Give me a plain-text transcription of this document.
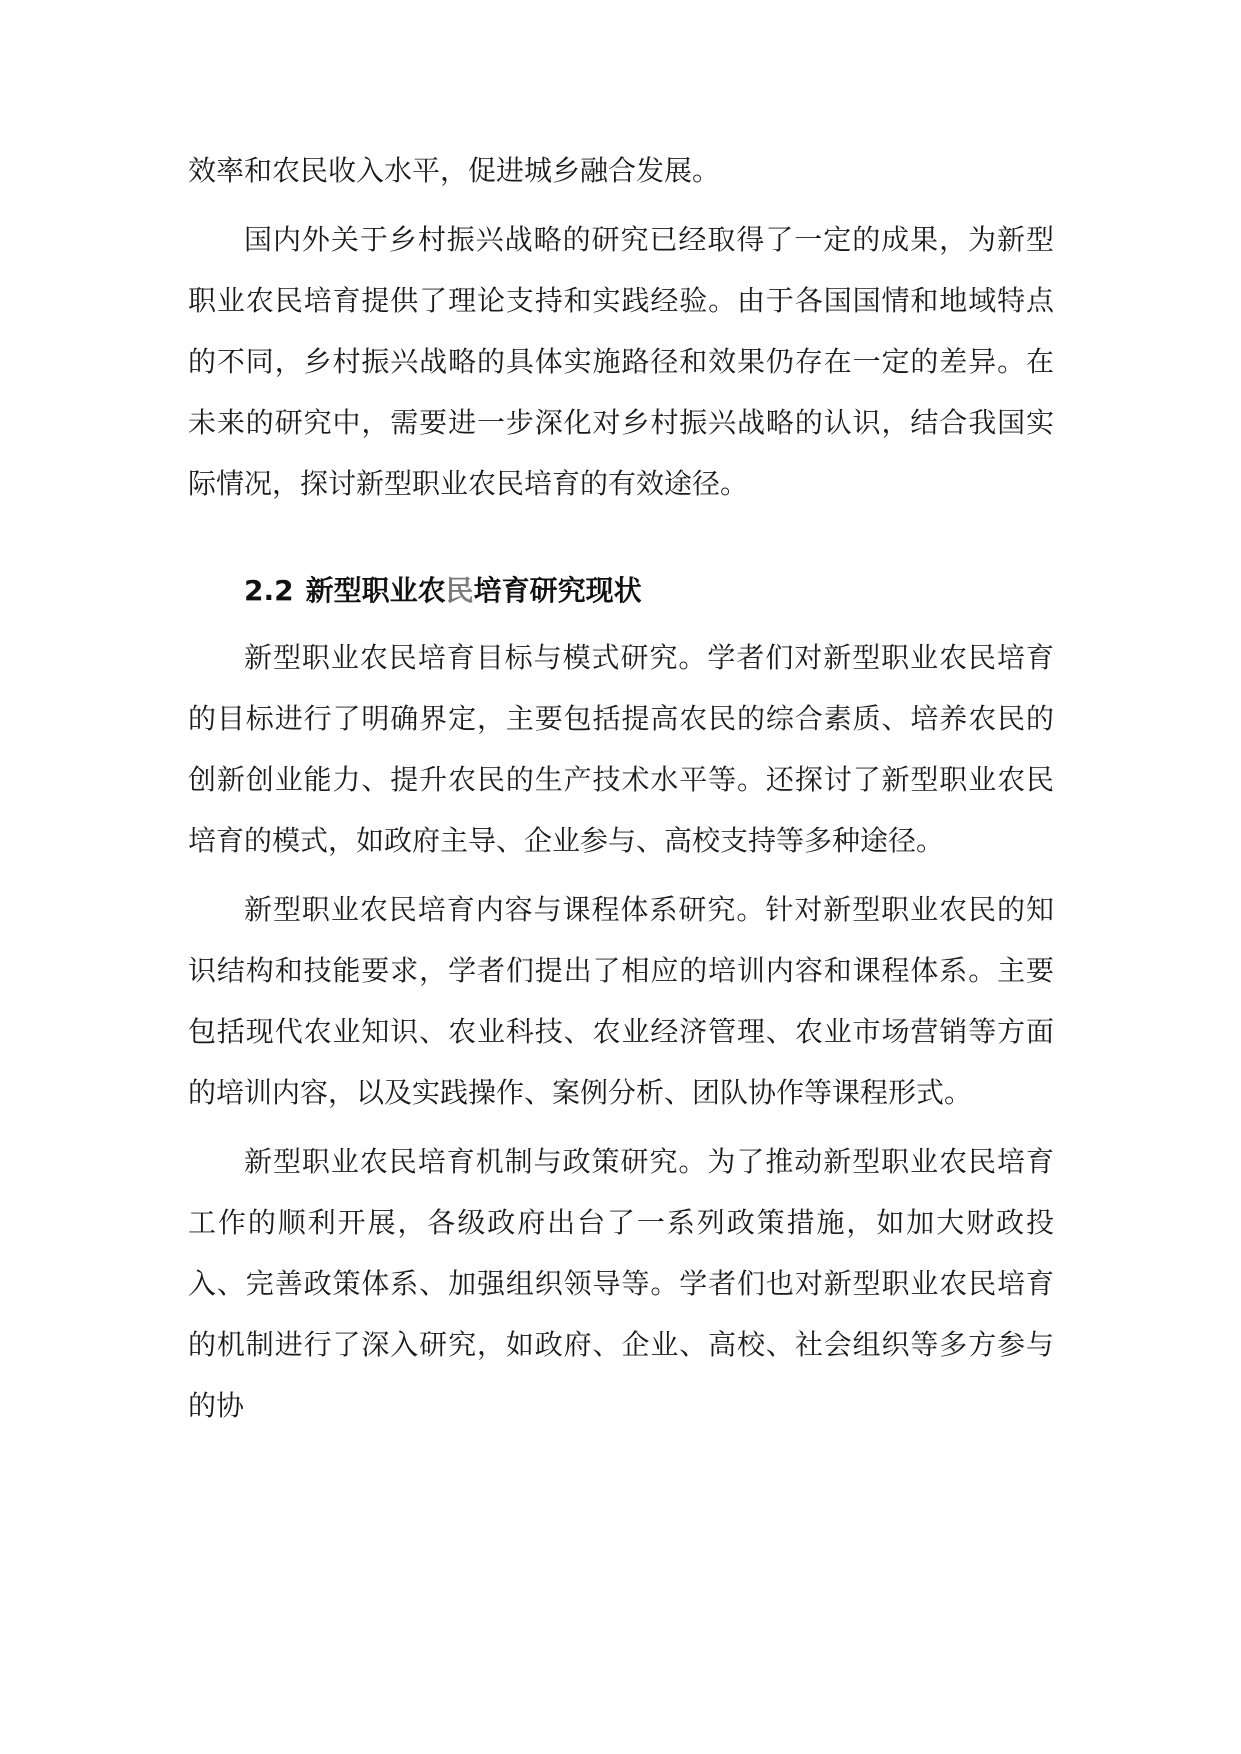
效率和农民收入水平，促进城乡融合发展。

国内外关于乡村振兴战略的研究已经取得了一定的成果，为新型职业农民培育提供了理论支持和实践经验。由于各国国情和地域特点的不同，乡村振兴战略的具体实施路径和效果仍存在一定的差异。在未来的研究中，需要进一步深化对乡村振兴战略的认识，结合我国实际情况，探讨新型职业农民培育的有效途径。

2.2 新型职业农民培育研究现状

新型职业农民培育目标与模式研究。学者们对新型职业农民培育的目标进行了明确界定，主要包括提高农民的综合素质、培养农民的创新创业能力、提升农民的生产技术水平等。还探讨了新型职业农民培育的模式，如政府主导、企业参与、高校支持等多种途径。

新型职业农民培育内容与课程体系研究。针对新型职业农民的知识结构和技能要求，学者们提出了相应的培训内容和课程体系。主要包括现代农业知识、农业科技、农业经济管理、农业市场营销等方面的培训内容，以及实践操作、案例分析、团队协作等课程形式。

新型职业农民培育机制与政策研究。为了推动新型职业农民培育工作的顺利开展，各级政府出台了一系列政策措施，如加大财政投入、完善政策体系、加强组织领导等。学者们也对新型职业农民培育的机制进行了深入研究，如政府、企业、高校、社会组织等多方参与的协
